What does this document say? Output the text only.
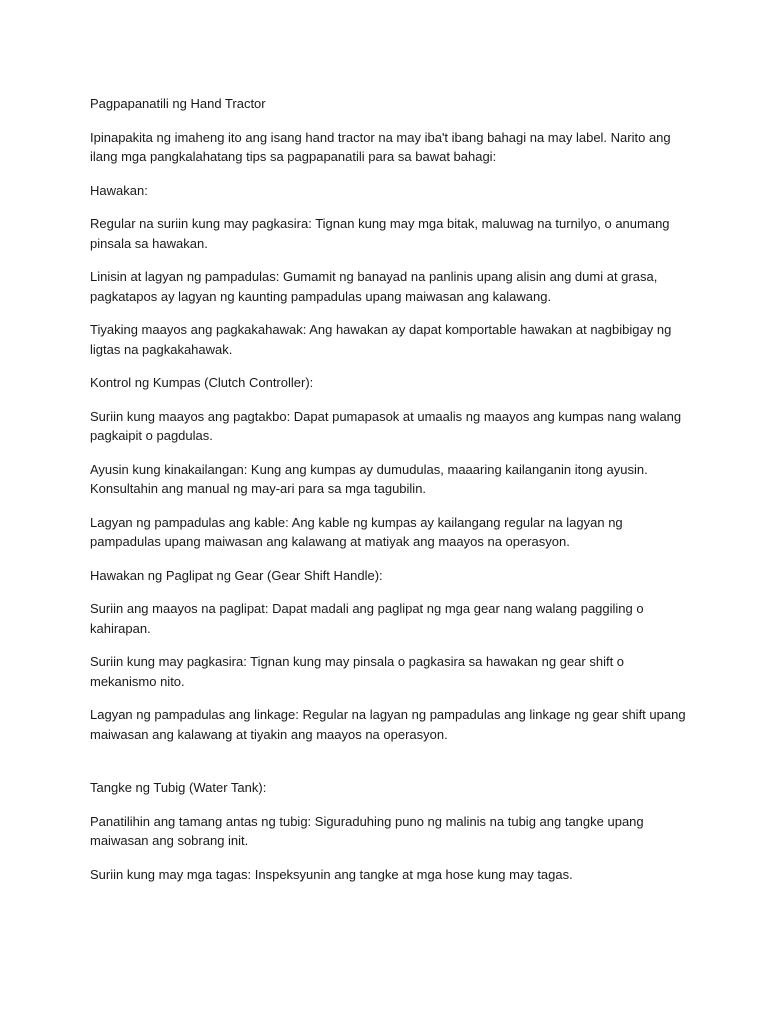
Pagpapanatili ng Hand Tractor

Ipinapakita ng imaheng ito ang isang hand tractor na may iba't ibang bahagi na may label. Narito ang ilang mga pangkalahatang tips sa pagpapanatili para sa bawat bahagi:

Hawakan:

Regular na suriin kung may pagkasira: Tignan kung may mga bitak, maluwag na turnilyo, o anumang pinsala sa hawakan.

Linisin at lagyan ng pampadulas: Gumamit ng banayad na panlinis upang alisin ang dumi at grasa, pagkatapos ay lagyan ng kaunting pampadulas upang maiwasan ang kalawang.

Tiyaking maayos ang pagkakahawak: Ang hawakan ay dapat komportable hawakan at nagbibigay ng ligtas na pagkakahawak.

Kontrol ng Kumpas (Clutch Controller):

Suriin kung maayos ang pagtakbo: Dapat pumapasok at umaalis ng maayos ang kumpas nang walang pagkaipit o pagdulas.

Ayusin kung kinakailangan: Kung ang kumpas ay dumudulas, maaaring kailanganin itong ayusin. Konsultahin ang manual ng may-ari para sa mga tagubilin.

Lagyan ng pampadulas ang kable: Ang kable ng kumpas ay kailangang regular na lagyan ng pampadulas upang maiwasan ang kalawang at matiyak ang maayos na operasyon.

Hawakan ng Paglipat ng Gear (Gear Shift Handle):

Suriin ang maayos na paglipat: Dapat madali ang paglipat ng mga gear nang walang paggiling o kahirapan.

Suriin kung may pagkasira: Tignan kung may pinsala o pagkasira sa hawakan ng gear shift o mekanismo nito.

Lagyan ng pampadulas ang linkage: Regular na lagyan ng pampadulas ang linkage ng gear shift upang maiwasan ang kalawang at tiyakin ang maayos na operasyon.

Tangke ng Tubig (Water Tank):

Panatilihin ang tamang antas ng tubig: Siguraduhing puno ng malinis na tubig ang tangke upang maiwasan ang sobrang init.

Suriin kung may mga tagas: Inspeksyunin ang tangke at mga hose kung may tagas.
